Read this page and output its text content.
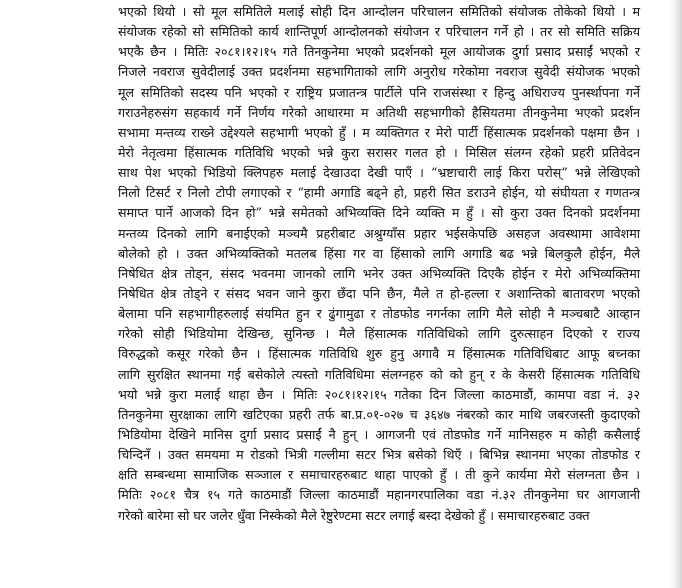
भएको थियो । सो मूल समितिले मलाई सोही दिन आन्दोलन परिचालन समितिको संयोजक तोकेको थियो । म
संयोजक रहेको सो समितिको कार्य शान्तिपूर्ण आन्दोलनको संयोजन र परिचालन गर्ने हो । तर सो समिति सक्रिय
भएकै छैन । मितिः २०८१।१२।१५ गते तिनकुनेमा भएको प्रदर्शनको मूल आयोजक दुर्गा प्रसाद प्रसाईं भएको र
निजले नवराज सुवेदीलाई उक्त प्रदर्शनमा सहभागिताको लागि अनुरोध गरेकोमा नवराज सुवेदी संयोजक भएको
मूल समितिको सदस्य पनि भएको र राष्ट्रिय प्रजातन्त्र पार्टीले पनि राजसंस्था र हिन्दु अधिराज्य पुनर्स्थापना गर्ने
गराउनेहरुसंग सहकार्य गर्ने निर्णय गरेको आधारमा म अतिथी सहभागीको हैसियतमा तीनकुनेमा भएको प्रदर्शन
सभामा मन्तव्य राख्ने उद्देश्यले सहभागी भएको हुँ । म व्यक्तिगत र मेरो पार्टी हिंसात्मक प्रदर्शनको पक्षमा छैन ।
मेरो नेतृत्वमा हिंसात्मक गतिविधि भएको भन्ने कुरा सरासर गलत हो । मिसिल संलग्न रहेको प्रहरी प्रतिवेदन
साथ पेश भएको भिडियो क्लिपहरु मलाई देखाउदा देखी पाएँ । “भ्रष्टाचारी लाई किरा परोस्” भन्ने लेखिएको
निलो टिसर्ट र निलो टोपी लगाएको र “हामी अगाडि बढ्ने हो, प्रहरी सित डराउने होईन, यो संघीयता र गणतन्त्र
समाप्त पार्ने आजको दिन हो” भन्ने समेतको अभिव्यक्ति दिने व्यक्ति म हुँ । सो कुरा उक्त दिनको प्रदर्शनमा
मन्तव्य दिनको लागि बनाईएको मञ्चमै प्रहरीबाट अश्रुग्याँस प्रहार भईसकेपछि असहज अवस्थामा आवेशमा
बोलेको हो । उक्त अभिव्यक्तिको मतलब हिंसा गर वा हिंसाको लागि अगाडि बढ भन्ने बिलकुलै होईन, मैले
निषेधित क्षेत्र तोड्न, संसद भवनमा जानको लागि भनेर उक्त अभिव्यक्ति दिएकै होईन र मेरो अभिव्यक्तिमा
निषेधित क्षेत्र तोड्ने र संसद भवन जाने कुरा छँदा पनि छैन, मैले त हो-हल्ला र अशान्तिको बातावरण भएको
बेलामा पनि सहभागीहरुलाई संयमित हुन र ढुंगामुढा र तोडफोड नगर्नका लागि मैले सोही नै मञ्चबाटै आव्हान
गरेको सोही भिडियोमा देखिन्छ, सुनिन्छ । मैले हिंसात्मक गतिविधिको लागि दुरुत्साहन दिएको र राज्य
विरुद्धको कसूर गरेको छैन । हिंसात्मक गतिविधि शुरु हुनु अगावै म हिंसात्मक गतिविधिबाट आफू बच्नका
लागि सुरक्षित स्थानमा गई बसेकोले त्यस्तो गतिविधिमा संलग्नहरु को को हुन् र के केसरी हिंसात्मक गतिविधि
भयो भन्ने कुरा मलाई थाहा छैन । मितिः २०८१।१२।१५ गतेका दिन जिल्ला काठमाडौं, कामपा वडा नं. ३२
तिनकुनेमा सुरक्षाका लागि खटिएका प्रहरी तर्फ बा.प्र.०१-०२७ च ३६४७ नंबरको कार माथि जबरजस्ती कुदाएको
भिडियोमा देखिने मानिस दुर्गा प्रसाद प्रसाईं नै हुन् । आगजनी एवं तोडफोड गर्ने मानिसहरु म कोही कसैलाई
चिन्दिनँ । उक्त समयमा म रोडको भित्री गल्लीमा सटर भित्र बसेको थिएँ । बिभिन्न स्थानमा भएका तोडफोड र
क्षति सम्बन्धमा सामाजिक सञ्जाल र समाचारहरुबाट थाहा पाएको हुँ । ती कुने कार्यमा मेरो संलग्नता छैन ।
मितिः २०८१ चैत्र १५ गते काठमाडौं जिल्ला काठमाडौं महानगरपालिका वडा नं.३२ तीनकुनेमा घर आगजानी
गरेको बारेमा सो घर जलेर धुँवा निस्केको मैले रेष्टुरेण्टमा सटर लगाई बस्दा देखेको हुँ । समाचारहरुबाट उक्त
